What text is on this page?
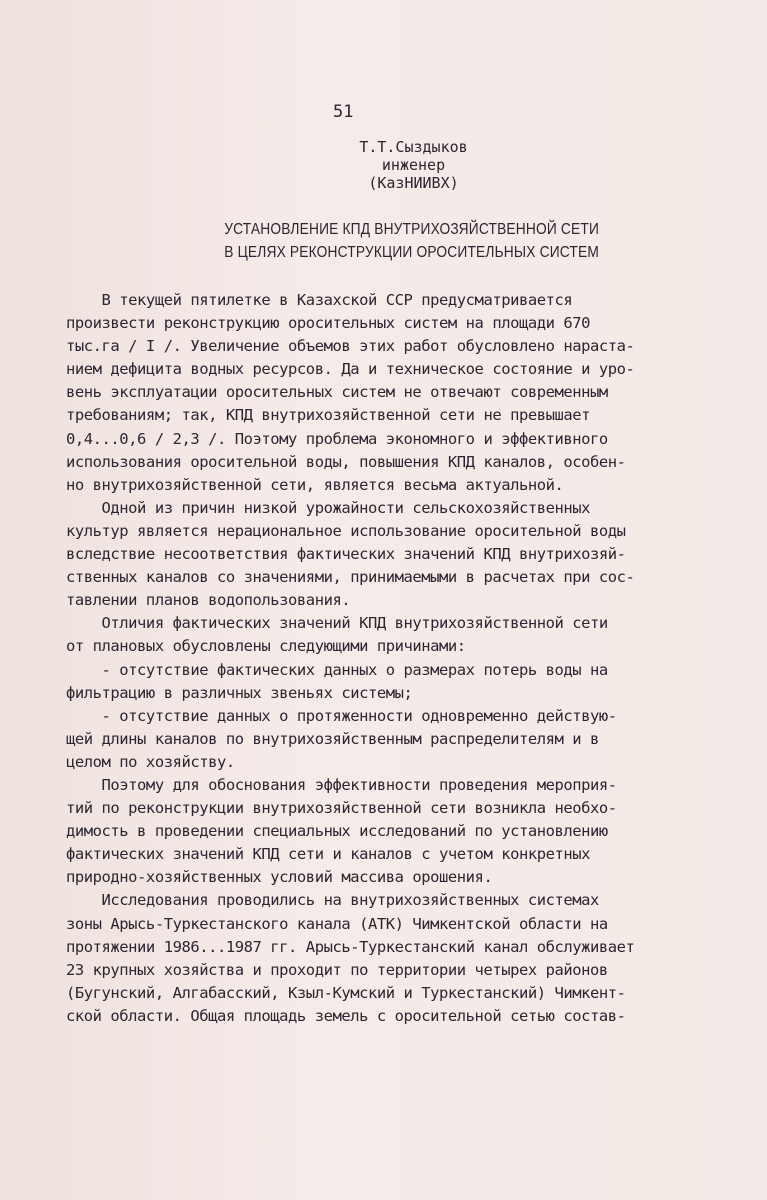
51
Т.Т.Сыздыков
инженер
(КазНИИВХ)
УСТАНОВЛЕНИЕ КПД ВНУТРИХОЗЯЙСТВЕННОЙ СЕТИ
В ЦЕЛЯХ РЕКОНСТРУКЦИИ ОРОСИТЕЛЬНЫХ СИСТЕМ
В текущей пятилетке в Казахской ССР предусматривается
произвести реконструкцию оросительных систем на площади 670
тыс.га / I /. Увеличение объемов этих работ обусловлено нараста-
нием дефицита водных ресурсов. Да и техническое состояние и уро-
вень эксплуатации оросительных систем не отвечают современным
требованиям; так, КПД внутрихозяйственной сети не превышает
0,4...0,6 / 2,3 /. Поэтому проблема экономного и эффективного
использования оросительной воды, повышения КПД каналов, особен-
но внутрихозяйственной сети, является весьма актуальной.
Одной из причин низкой урожайности сельскохозяйственных
культур является нерациональное использование оросительной воды
вследствие несоответствия фактических значений КПД внутрихозяй-
ственных каналов со значениями, принимаемыми в расчетах при сос-
тавлении планов водопользования.
Отличия фактических значений КПД внутрихозяйственной сети
от плановых обусловлены следующими причинами:
- отсутствие фактических данных о размерах потерь воды на
фильтрацию в различных звеньях системы;
- отсутствие данных о протяженности одновременно действую-
щей длины каналов по внутрихозяйственным распределителям и в
целом по хозяйству.
Поэтому для обоснования эффективности проведения мероприя-
тий по реконструкции внутрихозяйственной сети возникла необхо-
димость в проведении специальных исследований по установлению
фактических значений КПД сети и каналов с учетом конкретных
природно-хозяйственных условий массива орошения.
Исследования проводились на внутрихозяйственных системах
зоны Арысь-Туркестанского канала (АТК) Чимкентской области на
протяжении 1986...1987 гг. Арысь-Туркестанский канал обслуживает
23 крупных хозяйства и проходит по территории четырех районов
(Бугунский, Алгабасский, Кзыл-Кумский и Туркестанский) Чимкент-
ской области. Общая площадь земель с оросительной сетью состав-
